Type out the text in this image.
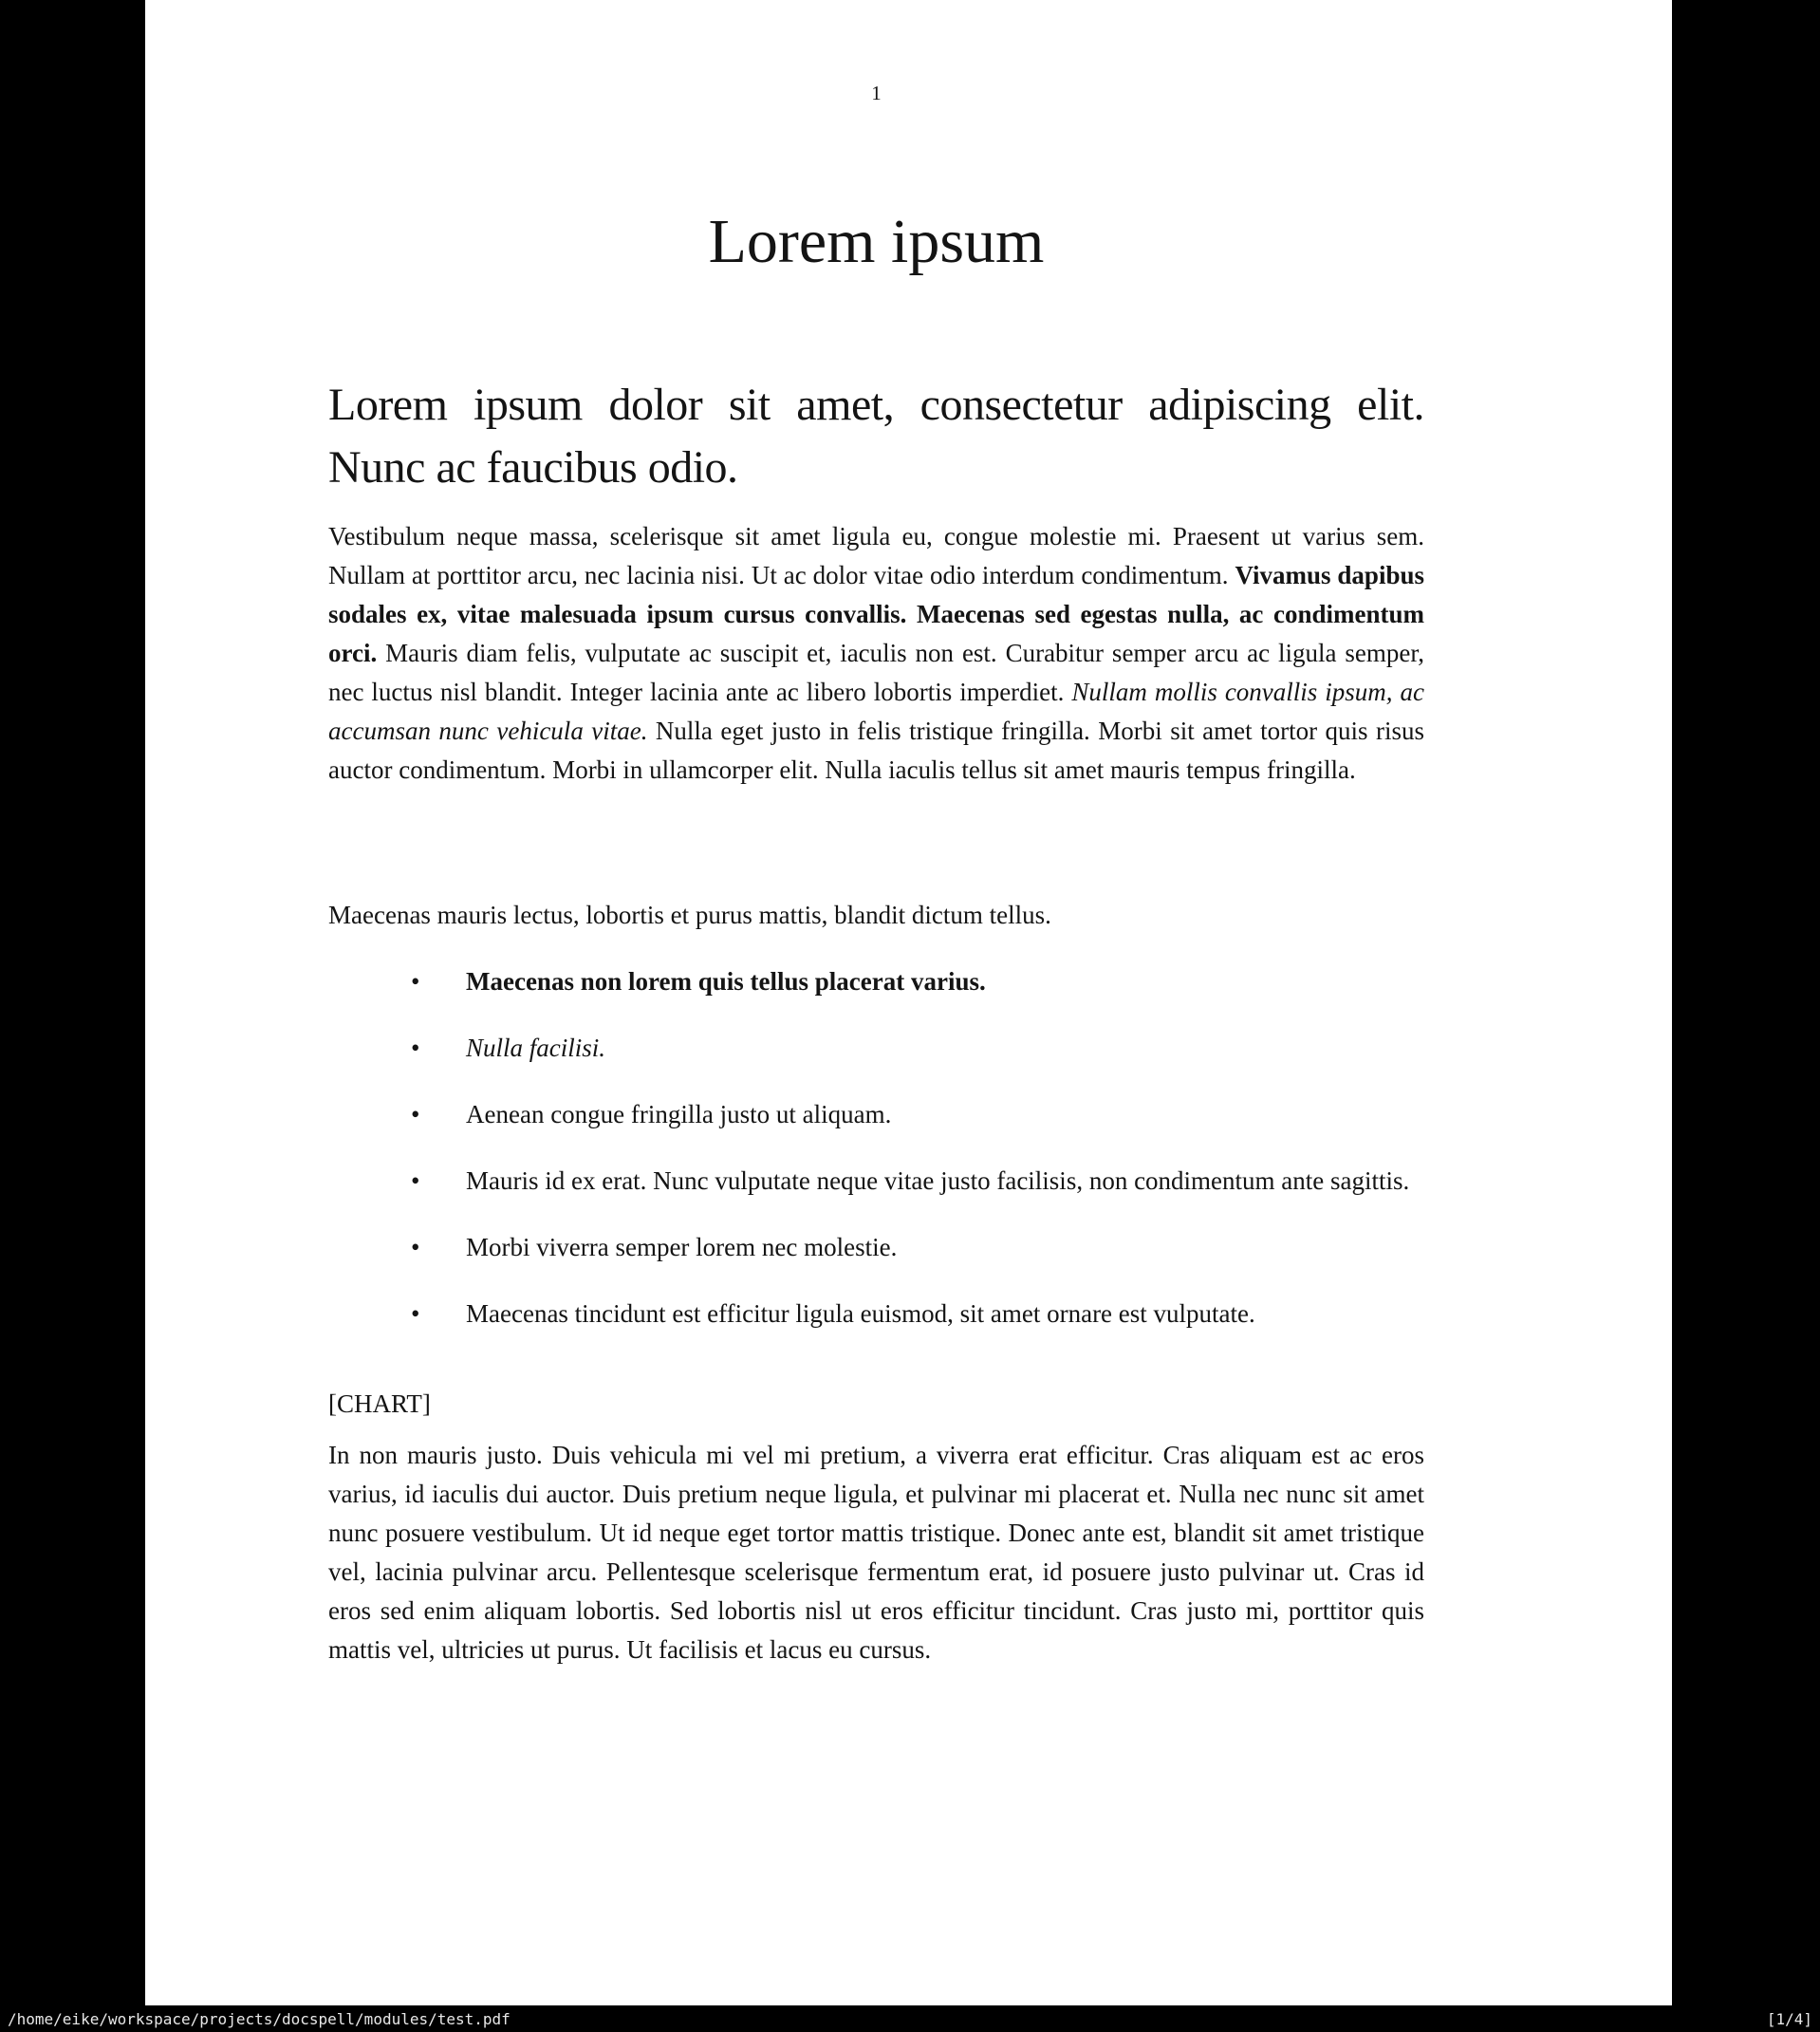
1
Lorem ipsum
Lorem ipsum dolor sit amet, consectetur adipiscing elit. Nunc ac faucibus odio.
Vestibulum neque massa, scelerisque sit amet ligula eu, congue molestie mi. Praesent ut varius sem. Nullam at porttitor arcu, nec lacinia nisi. Ut ac dolor vitae odio interdum condimentum. Vivamus dapibus sodales ex, vitae malesuada ipsum cursus convallis. Maecenas sed egestas nulla, ac condimentum orci. Mauris diam felis, vulputate ac suscipit et, iaculis non est. Curabitur semper arcu ac ligula semper, nec luctus nisl blandit. Integer lacinia ante ac libero lobortis imperdiet. Nullam mollis convallis ipsum, ac accumsan nunc vehicula vitae. Nulla eget justo in felis tristique fringilla. Morbi sit amet tortor quis risus auctor condimentum. Morbi in ullamcorper elit. Nulla iaculis tellus sit amet mauris tempus fringilla.
Maecenas mauris lectus, lobortis et purus mattis, blandit dictum tellus.
• Maecenas non lorem quis tellus placerat varius.
• Nulla facilisi.
• Aenean congue fringilla justo ut aliquam.
• Mauris id ex erat. Nunc vulputate neque vitae justo facilisis, non condimentum ante sagittis.
• Morbi viverra semper lorem nec molestie.
• Maecenas tincidunt est efficitur ligula euismod, sit amet ornare est vulputate.
[CHART]
In non mauris justo. Duis vehicula mi vel mi pretium, a viverra erat efficitur. Cras aliquam est ac eros varius, id iaculis dui auctor. Duis pretium neque ligula, et pulvinar mi placerat et. Nulla nec nunc sit amet nunc posuere vestibulum. Ut id neque eget tortor mattis tristique. Donec ante est, blandit sit amet tristique vel, lacinia pulvinar arcu. Pellentesque scelerisque fermentum erat, id posuere justo pulvinar ut. Cras id eros sed enim aliquam lobortis. Sed lobortis nisl ut eros efficitur tincidunt. Cras justo mi, porttitor quis mattis vel, ultricies ut purus. Ut facilisis et lacus eu cursus.
/home/eike/workspace/projects/docspell/modules/test.pdf	[1/4]
